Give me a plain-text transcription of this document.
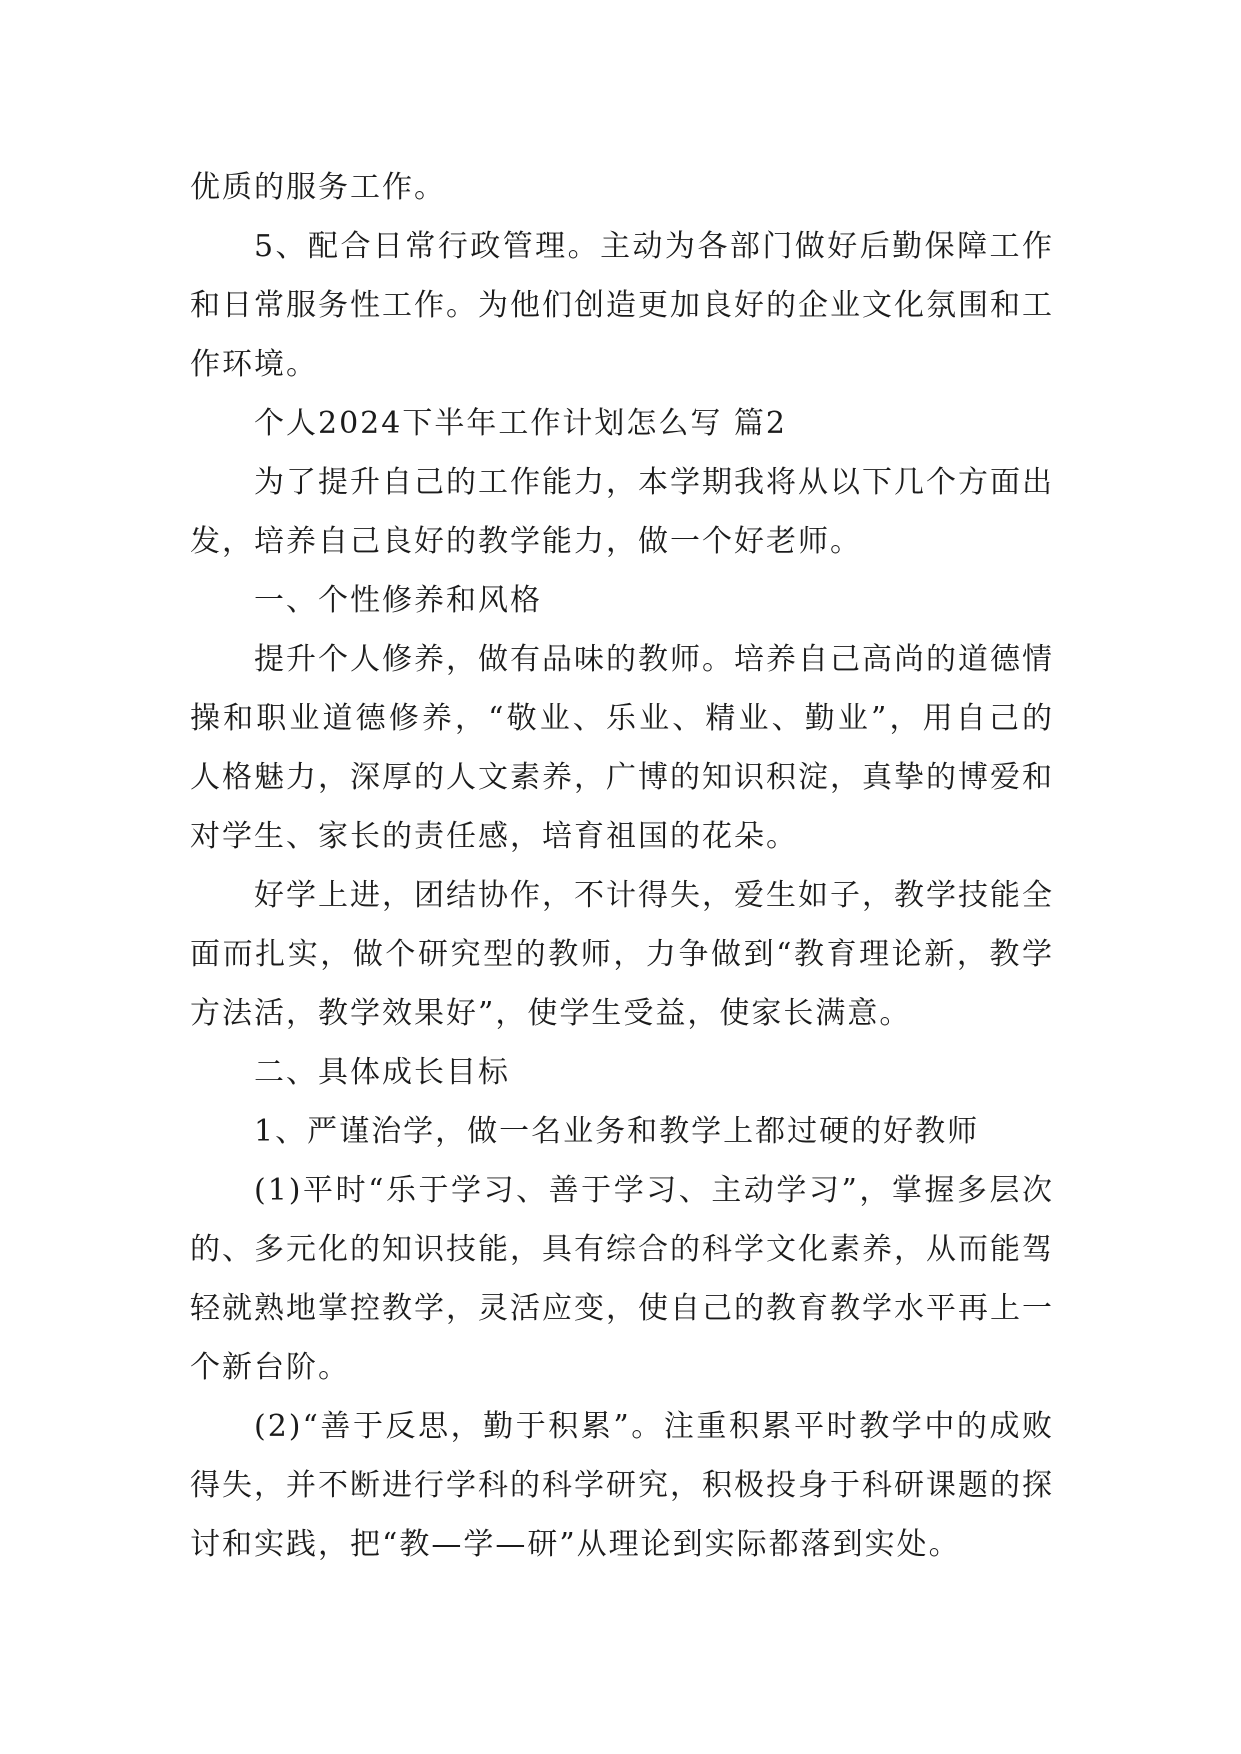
优质的服务工作。

5、配合日常行政管理。主动为各部门做好后勤保障工作和日常服务性工作。为他们创造更加良好的企业文化氛围和工作环境。

个人2024下半年工作计划怎么写 篇2

为了提升自己的工作能力，本学期我将从以下几个方面出发，培养自己良好的教学能力，做一个好老师。

一、个性修养和风格

提升个人修养，做有品味的教师。培养自己高尚的道德情操和职业道德修养，“敬业、乐业、精业、勤业”，用自己的人格魅力，深厚的人文素养，广博的知识积淀，真挚的博爱和对学生、家长的责任感，培育祖国的花朵。

好学上进，团结协作，不计得失，爱生如子，教学技能全面而扎实，做个研究型的教师，力争做到“教育理论新，教学方法活，教学效果好”，使学生受益，使家长满意。

二、具体成长目标

1、严谨治学，做一名业务和教学上都过硬的好教师

(1)平时“乐于学习、善于学习、主动学习”，掌握多层次的、多元化的知识技能，具有综合的科学文化素养，从而能驾轻就熟地掌控教学，灵活应变，使自己的教育教学水平再上一个新台阶。

(2)“善于反思，勤于积累”。注重积累平时教学中的成败得失，并不断进行学科的科学研究，积极投身于科研课题的探讨和实践，把“教—学—研”从理论到实际都落到实处。
